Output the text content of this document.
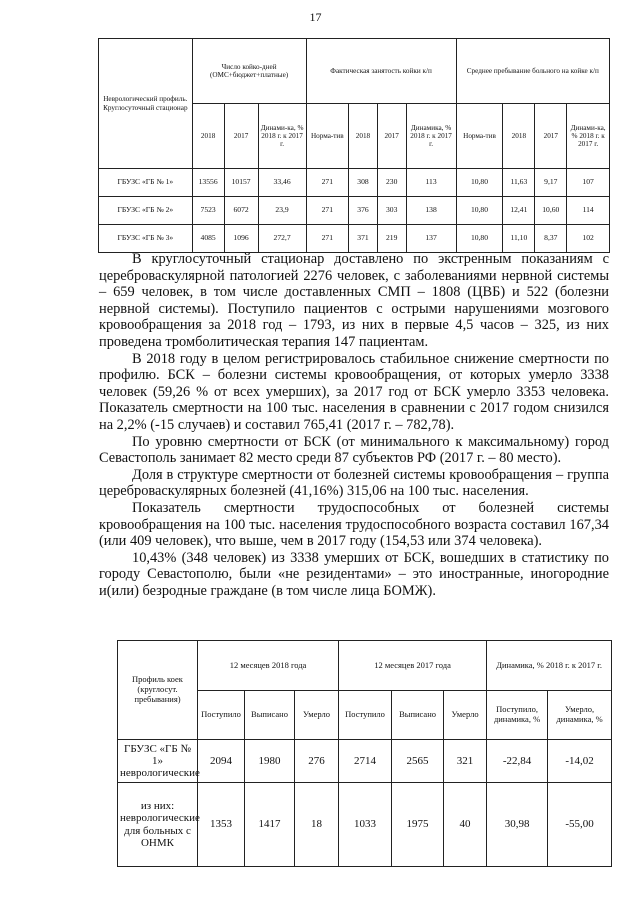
17
Неврологический профиль. Круглосуточный стационар	Число койко-дней (ОМС+бюджет+платные)			Фактическая занятость койки к/п				Среднее пребывание больного на койке к/п			
	2018	2017	Динами-ка, % 2018 г. к 2017 г.	Норма-тив	2018	2017	Динамика, % 2018 г. к 2017 г.	Норма-тив	2018	2017	Динами-ка, % 2018 г. к 2017 г.
ГБУЗС «ГБ № 1»	13556	10157	33,46	271	308	230	113	10,80	11,63	9,17	107
ГБУЗС «ГБ № 2»	7523	6072	23,9	271	376	303	138	10,80	12,41	10,60	114
ГБУЗС «ГБ № 3»	4085	1096	272,7	271	371	219	137	10,80	11,10	8,37	102

В круглосуточный стационар доставлено по экстренным показаниям с цереброваскулярной патологией 2276 человек, с заболеваниями нервной системы – 659 человек, в том числе доставленных СМП – 1808 (ЦВБ) и 522 (болезни нервной системы). Поступило пациентов с острыми нарушениями мозгового кровообращения за 2018 год – 1793, из них в первые 4,5 часов – 325, из них проведена тромболитическая терапия 147 пациентам.

В 2018 году в целом регистрировалось стабильное снижение смертности по профилю. БСК – болезни системы кровообращения, от которых умерло 3338 человек (59,26 % от всех умерших), за 2017 год от БСК умерло 3353 человека. Показатель смертности на 100 тыс. населения в сравнении с 2017 годом снизился на 2,2% (-15 случаев) и составил 765,41 (2017 г. – 782,78).

По уровню смертности от БСК (от минимального к максимальному) город Севастополь занимает 82 место среди 87 субъектов РФ (2017 г. – 80 место).

Доля в структуре смертности от болезней системы кровообращения – группа цереброваскулярных болезней (41,16%) 315,06 на 100 тыс. населения.

Показатель смертности трудоспособных от болезней системы кровообращения на 100 тыс. населения трудоспособного возраста составил 167,34 (или 409 человек), что выше, чем в 2017 году (154,53 или 374 человека).

10,43% (348 человек) из 3338 умерших от БСК, вошедших в статистику по городу Севастополю, были «не резидентами» – это иностранные, иногородние и(или) безродные граждане (в том числе лица БОМЖ).

Профиль коек (круглосут. пребывания)	12 месяцев 2018 года			12 месяцев 2017 года			Динамика, % 2018 г. к 2017 г.	
	Поступило	Выписано	Умерло	Поступило	Выписано	Умерло	Поступило, динамика, %	Умерло, динамика, %
ГБУЗС «ГБ № 1» неврологические	2094	1980	276	2714	2565	321	-22,84	-14,02
из них: неврологические для больных с ОНМК	1353	1417	18	1033	1975	40	30,98	-55,00
